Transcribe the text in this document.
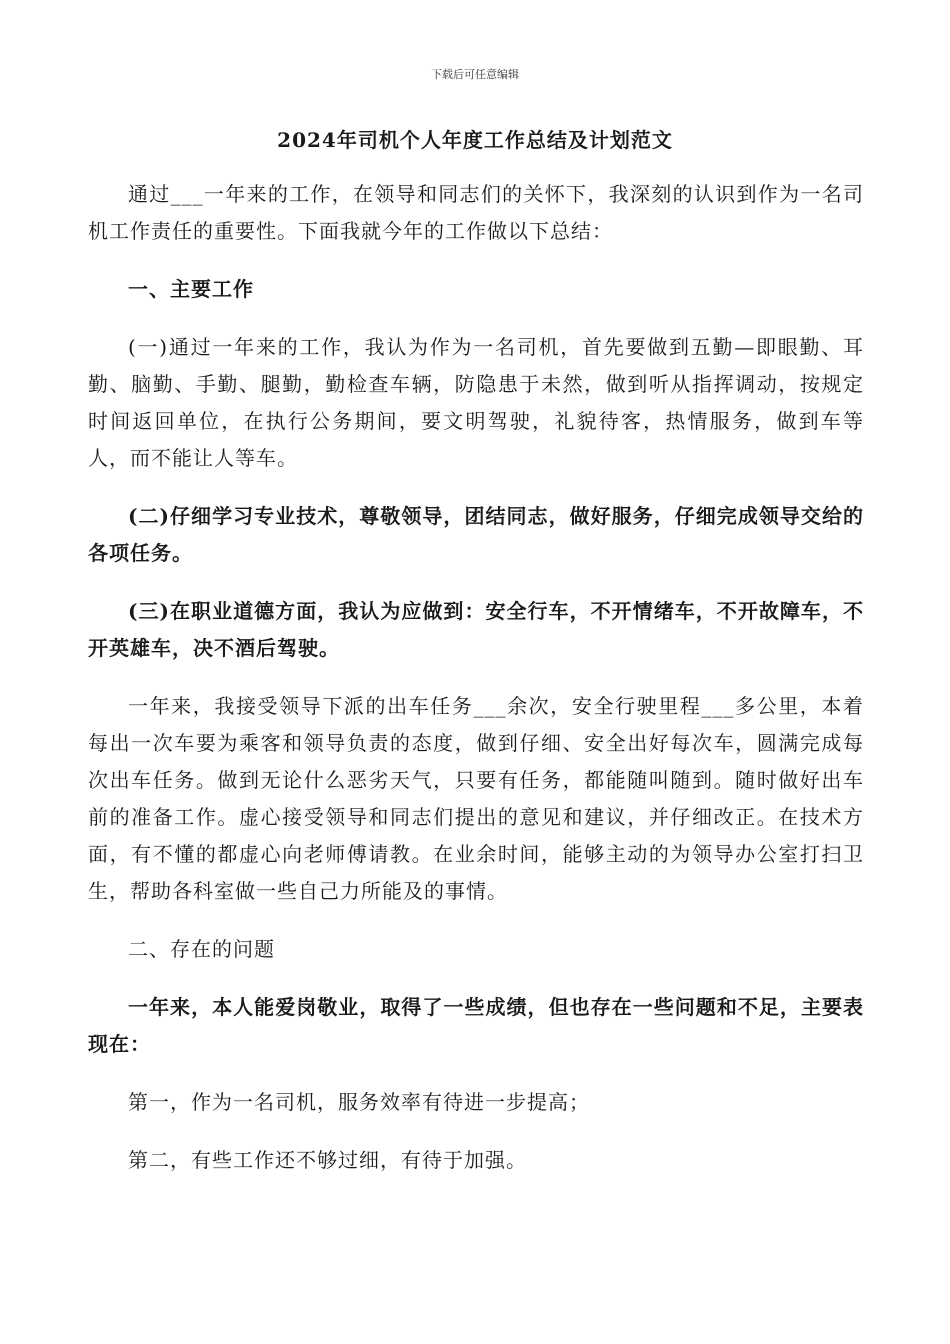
下载后可任意编辑
2024年司机个人年度工作总结及计划范文

通过___一年来的工作，在领导和同志们的关怀下，我深刻的认识到作为一名司机工作责任的重要性。下面我就今年的工作做以下总结：

一、主要工作

(一)通过一年来的工作，我认为作为一名司机，首先要做到五勤—即眼勤、耳勤、脑勤、手勤、腿勤，勤检查车辆，防隐患于未然，做到听从指挥调动，按规定时间返回单位，在执行公务期间，要文明驾驶，礼貌待客，热情服务，做到车等人，而不能让人等车。

(二)仔细学习专业技术，尊敬领导，团结同志，做好服务，仔细完成领导交给的各项任务。

(三)在职业道德方面，我认为应做到：安全行车，不开情绪车，不开故障车，不开英雄车，决不酒后驾驶。

一年来，我接受领导下派的出车任务___余次，安全行驶里程___多公里，本着每出一次车要为乘客和领导负责的态度，做到仔细、安全出好每次车，圆满完成每次出车任务。做到无论什么恶劣天气，只要有任务，都能随叫随到。随时做好出车前的准备工作。虚心接受领导和同志们提出的意见和建议，并仔细改正。在技术方面，有不懂的都虚心向老师傅请教。在业余时间，能够主动的为领导办公室打扫卫生，帮助各科室做一些自己力所能及的事情。

二、存在的问题

一年来，本人能爱岗敬业，取得了一些成绩，但也存在一些问题和不足，主要表现在：

第一，作为一名司机，服务效率有待进一步提高；

第二，有些工作还不够过细，有待于加强。
